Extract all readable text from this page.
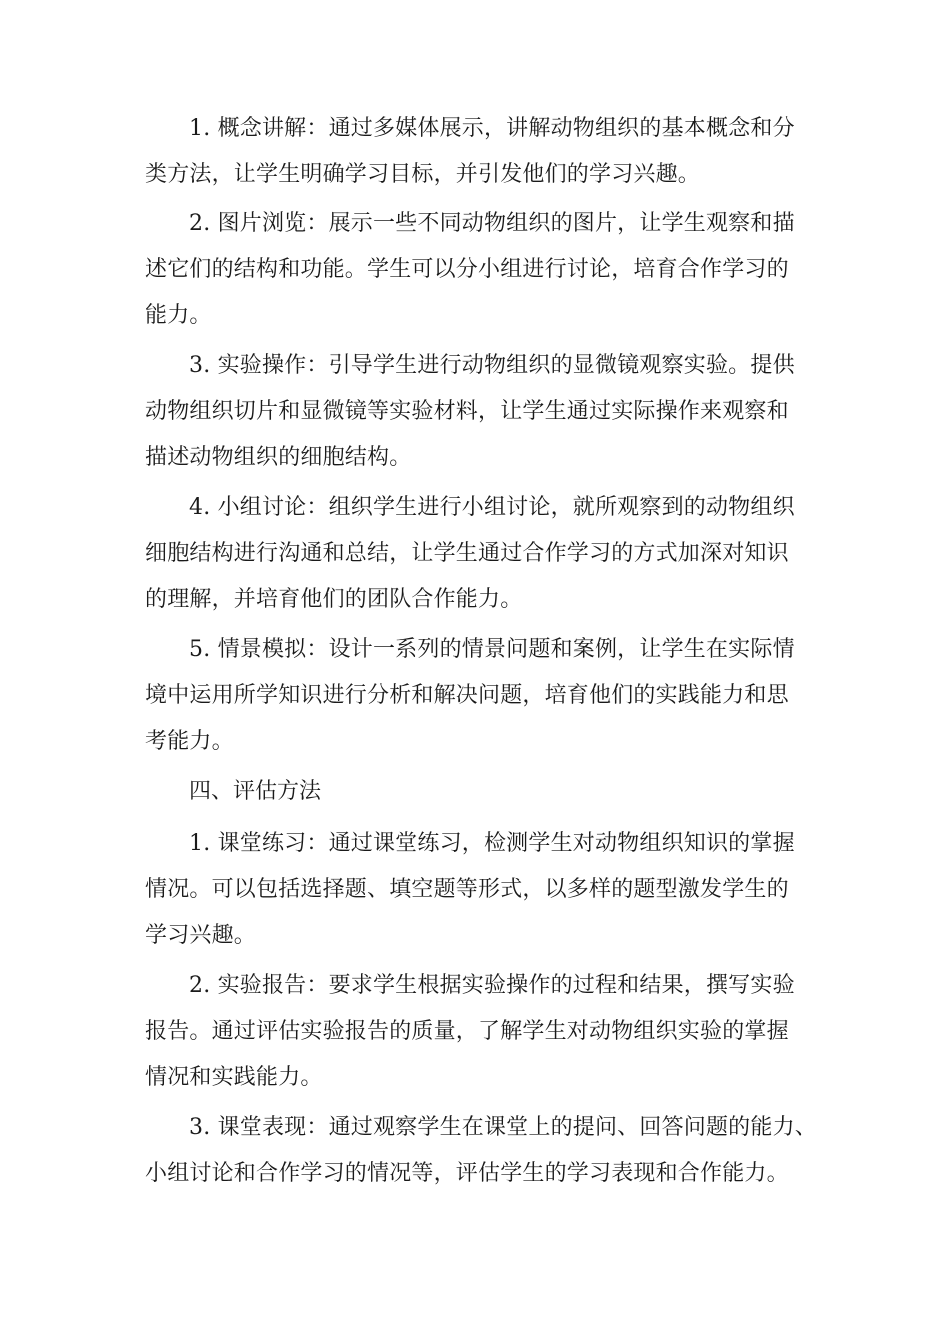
1. 概念讲解：通过多媒体展示，讲解动物组织的基本概念和分
类方法，让学生明确学习目标，并引发他们的学习兴趣。
2. 图片浏览：展示一些不同动物组织的图片，让学生观察和描
述它们的结构和功能。学生可以分小组进行讨论，培育合作学习的
能力。
3. 实验操作：引导学生进行动物组织的显微镜观察实验。提供
动物组织切片和显微镜等实验材料，让学生通过实际操作来观察和
描述动物组织的细胞结构。
4. 小组讨论：组织学生进行小组讨论，就所观察到的动物组织
细胞结构进行沟通和总结，让学生通过合作学习的方式加深对知识
的理解，并培育他们的团队合作能力。
5. 情景模拟：设计一系列的情景问题和案例，让学生在实际情
境中运用所学知识进行分析和解决问题，培育他们的实践能力和思
考能力。
四、评估方法
1. 课堂练习：通过课堂练习，检测学生对动物组织知识的掌握
情况。可以包括选择题、填空题等形式，以多样的题型激发学生的
学习兴趣。
2. 实验报告：要求学生根据实验操作的过程和结果，撰写实验
报告。通过评估实验报告的质量，了解学生对动物组织实验的掌握
情况和实践能力。
3. 课堂表现：通过观察学生在课堂上的提问、回答问题的能力、
小组讨论和合作学习的情况等，评估学生的学习表现和合作能力。
